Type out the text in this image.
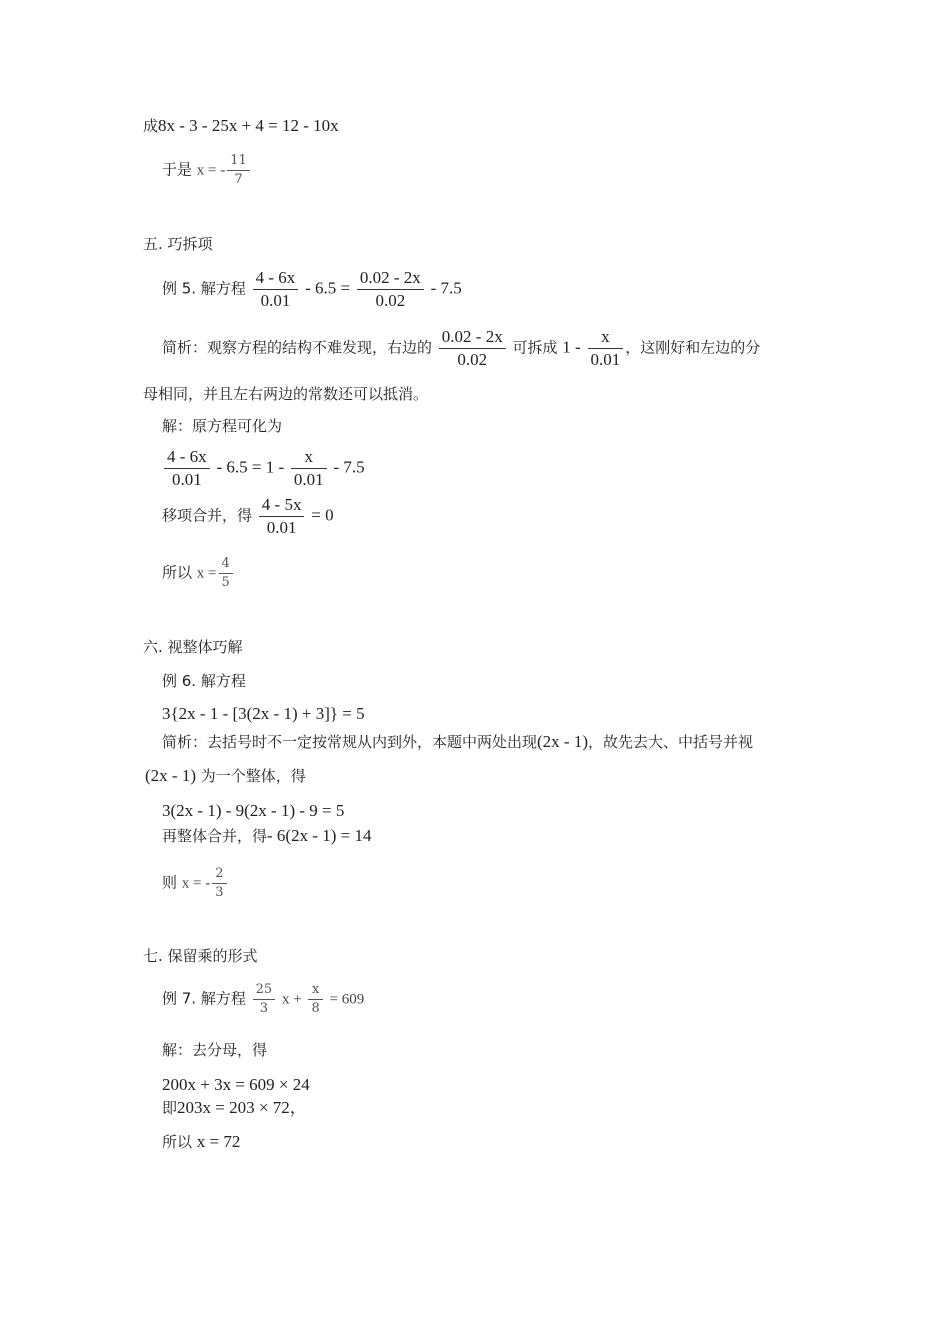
成8x - 3 - 25x + 4 = 12 - 10x
于是 x = - $\frac{11}{7}$
五. 巧拆项
例 5. 解方程 $\frac{4 - 6x}{0.01} - 6.5 = \frac{0.02 - 2x}{0.02} - 7.5$
简析：观察方程的结构不难发现，右边的 $\frac{0.02 - 2x}{0.02}$ 可拆成 $1 - \frac{x}{0.01}$ ，这刚好和左边的分
母相同，并且左右两边的常数还可以抵消。
解：原方程可化为
$\frac{4 - 6x}{0.01} - 6.5 = 1 - \frac{x}{0.01} - 7.5$
移项合并，得 $\frac{4 - 5x}{0.01} = 0$
所以 $x = \frac{4}{5}$
六. 视整体巧解
例 6. 解方程
3{2x - 1 - [3(2x - 1) + 3]} = 5
简析：去括号时不一定按常规从内到外，本题中两处出现(2x - 1)，故先去大、中括号并视
(2x - 1) 为一个整体，得
3(2x - 1) - 9(2x - 1) - 9 = 5
再整体合并，得- 6(2x - 1) = 14
则 x = - $\frac{2}{3}$
七. 保留乘的形式
例 7. 解方程 $\frac{25}{3}$ $x + \frac{x}{8} = 609$
解：去分母，得
200x + 3x = 609 × 24
即203x = 203 × 72，
所以 x = 72
